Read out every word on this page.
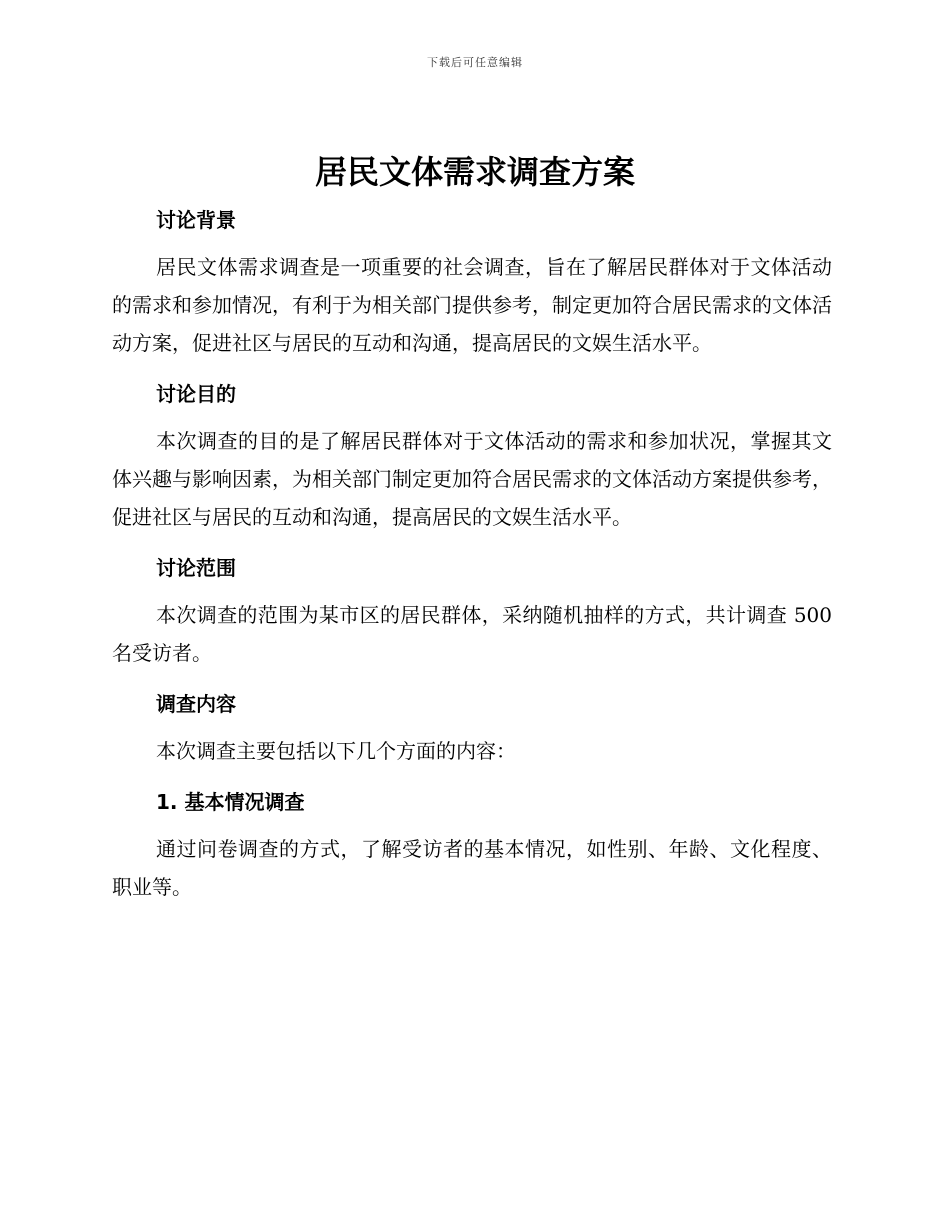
下载后可任意编辑
居民文体需求调查方案
讨论背景

居民文体需求调查是一项重要的社会调查，旨在了解居民群体对于文体活动的需求和参加情况，有利于为相关部门提供参考，制定更加符合居民需求的文体活动方案，促进社区与居民的互动和沟通，提高居民的文娱生活水平。

讨论目的

本次调查的目的是了解居民群体对于文体活动的需求和参加状况，掌握其文体兴趣与影响因素，为相关部门制定更加符合居民需求的文体活动方案提供参考，促进社区与居民的互动和沟通，提高居民的文娱生活水平。

讨论范围

本次调查的范围为某市区的居民群体，采纳随机抽样的方式，共计调查 500 名受访者。

调查内容

本次调查主要包括以下几个方面的内容：

1. 基本情况调查

通过问卷调查的方式，了解受访者的基本情况，如性别、年龄、文化程度、职业等。
